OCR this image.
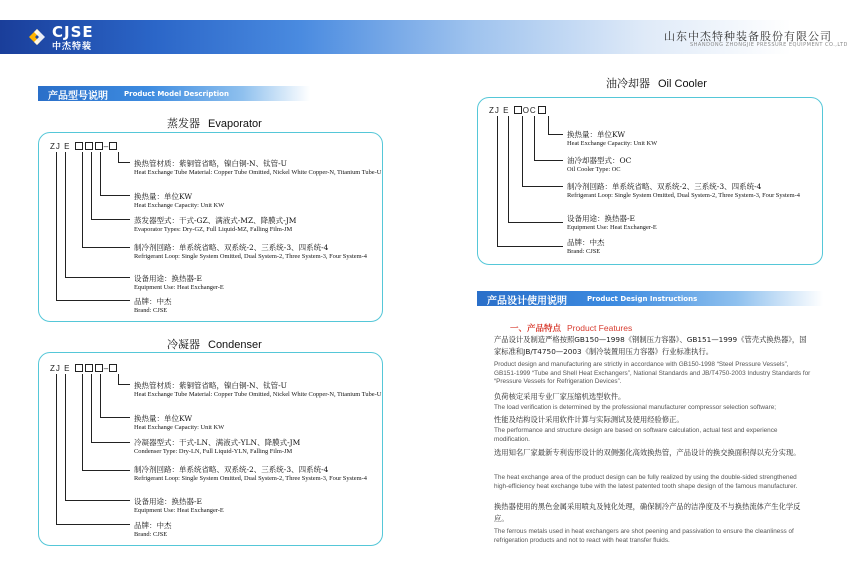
CJSE
中杰特装
山东中杰特种装备股份有限公司
SHANDONG ZHONGJIE PRESSURE EQUIPMENT CO.,LTD
产品型号说明 Product Model Description
蒸发器 Evaporator
ZJ E	–
换热管材质：紫铜管省略，镍白铜-N、钛管-U
Heat Exchange Tube Material: Copper Tube Omitted, Nickel White Copper-N, Titanium Tube-U
换热量：单位KW
Heat Exchange Capacity: Unit KW
蒸发器型式：干式-GZ、满液式-MZ、降膜式-JM
Evaporator Types: Dry-GZ, Full Liquid-MZ, Falling Film-JM
制冷剂回路：单系统省略、双系统-2、三系统-3、四系统-4
Refrigerant Loop: Single System Omitted, Dual System-2, Three System-3, Four System-4
设备用途：换热器-E
Equipment Use: Heat Exchanger-E
品牌：中杰
Brand: CJSE
冷凝器 Condenser
ZJ E	–
换热管材质：紫铜管省略，镍白铜-N、钛管-U
Heat Exchange Tube Material: Copper Tube Omitted, Nickel White Copper-N, Titanium Tube-U
换热量：单位KW
Heat Exchange Capacity: Unit KW
冷凝器型式：干式-LN、满液式-YLN、降膜式-JM
Condenser Type: Dry-LN, Full Liquid-YLN, Falling Film-JM
制冷剂回路：单系统省略、双系统-2、三系统-3、四系统-4
Refrigerant Loop: Single System Omitted, Dual System-2, Three System-3, Four System-4
设备用途：换热器-E
Equipment Use: Heat Exchanger-E
品牌：中杰
Brand: CJSE
油冷却器 Oil Cooler
ZJ E OC
换热量：单位KW
Heat Exchange Capacity: Unit KW
油冷却器型式：OC
Oil Cooler Type: OC
制冷剂回路：单系统省略、双系统-2、三系统-3、四系统-4
Refrigerant Loop: Single System Omitted, Dual System-2, Three System-3, Four System-4
设备用途：换热器-E
Equipment Use: Heat Exchanger-E
品牌：中杰
Brand: CJSE
产品设计使用说明	Product Design Instructions
一、产品特点 Product Features
产品设计及制造严格按照GB150—1998《钢制压力容器》、GB151—1999《管壳式换热器》，国家标准和JB/T4750—2003《制冷装置用压力容器》行业标准执行。
Product design and manufacturing are strictly in accordance with GB150-1998 “Steel Pressure Vessels”, GB151-1999 “Tube and Shell Heat Exchangers”, National Standards and JB/T4750-2003 Industry Standards for “Pressure Vessels for Refrigeration Devices”.
负荷核定采用专业厂家压缩机选型软件。
The load verification is determined by the professional manufacturer compressor selection software;
性能及结构设计采用软件计算与实际测试及使用经验修正。
The performance and structure design are based on software calculation, actual test and experience modification.
选用知名厂家最新专利齿形设计的双侧强化高效换热管，产品设计的换交换面积得以充分实现。
The heat exchange area of the product design can be fully realized by using the double-sided strengthened high-efficiency heat exchange tube with the latest patented tooth shape design of the famous manufacturer.
换热器使用的黑色金属采用喷丸及钝化处理，确保制冷产品的洁净度及不与换热流体产生化学反应。
The ferrous metals used in heat exchangers are shot peening and passivation to ensure the cleanliness of refrigeration products and not to react with heat transfer fluids.
